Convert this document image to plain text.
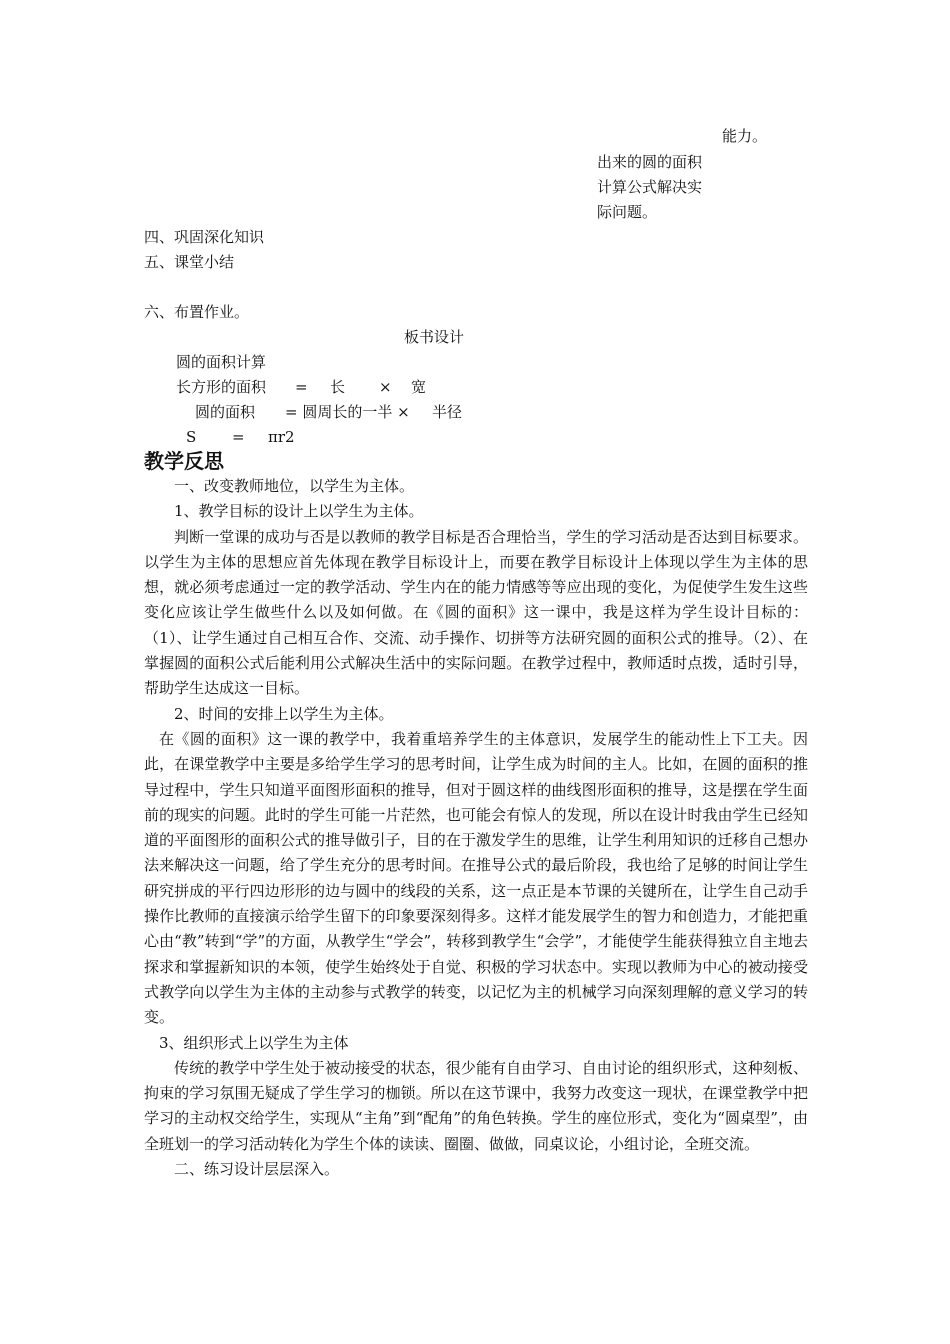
能力。
出来的圆的面积
计算公式解决实
际问题。
四、巩固深化知识
五、课堂小结
六、布置作业。
板书设计
圆的面积计算
长方形的面积 = 长 × 宽
圆的面积 = 圆周长的一半 × 半径
S = πr2
教学反思

一、改变教师地位，以学生为主体。

1、教学目标的设计上以学生为主体。

判断一堂课的成功与否是以教师的教学目标是否合理恰当，学生的学习活动是否达到目标要求。以学生为主体的思想应首先体现在教学目标设计上，而要在教学目标设计上体现以学生为主体的思想，就必须考虑通过一定的教学活动、学生内在的能力情感等等应出现的变化，为促使学生发生这些变化应该让学生做些什么以及如何做。在《圆的面积》这一课中，我是这样为学生设计目标的：（1）、让学生通过自己相互合作、交流、动手操作、切拼等方法研究圆的面积公式的推导。（2）、在掌握圆的面积公式后能利用公式解决生活中的实际问题。在教学过程中，教师适时点拨，适时引导，帮助学生达成这一目标。

2、时间的安排上以学生为主体。

在《圆的面积》这一课的教学中，我着重培养学生的主体意识，发展学生的能动性上下工夫。因此，在课堂教学中主要是多给学生学习的思考时间，让学生成为时间的主人。比如，在圆的面积的推导过程中，学生只知道平面图形面积的推导，但对于圆这样的曲线图形面积的推导，这是摆在学生面前的现实的问题。此时的学生可能一片茫然，也可能会有惊人的发现，所以在设计时我由学生已经知道的平面图形的面积公式的推导做引子，目的在于激发学生的思维，让学生利用知识的迁移自己想办法来解决这一问题，给了学生充分的思考时间。在推导公式的最后阶段，我也给了足够的时间让学生研究拼成的平行四边形形的边与圆中的线段的关系，这一点正是本节课的关键所在，让学生自己动手操作比教师的直接演示给学生留下的印象要深刻得多。这样才能发展学生的智力和创造力，才能把重心由“教”转到“学”的方面，从教学生“学会”，转移到教学生“会学”，才能使学生能获得独立自主地去探求和掌握新知识的本领，使学生始终处于自觉、积极的学习状态中。实现以教师为中心的被动接受式教学向以学生为主体的主动参与式教学的转变，以记忆为主的机械学习向深刻理解的意义学习的转变。

3、组织形式上以学生为主体

传统的教学中学生处于被动接受的状态，很少能有自由学习、自由讨论的组织形式，这种刻板、拘束的学习氛围无疑成了学生学习的枷锁。所以在这节课中，我努力改变这一现状，在课堂教学中把学习的主动权交给学生，实现从“主角”到“配角”的角色转换。学生的座位形式，变化为“圆桌型”，由全班划一的学习活动转化为学生个体的读读、圈圈、做做，同桌议论，小组讨论，全班交流。

二、练习设计层层深入。
